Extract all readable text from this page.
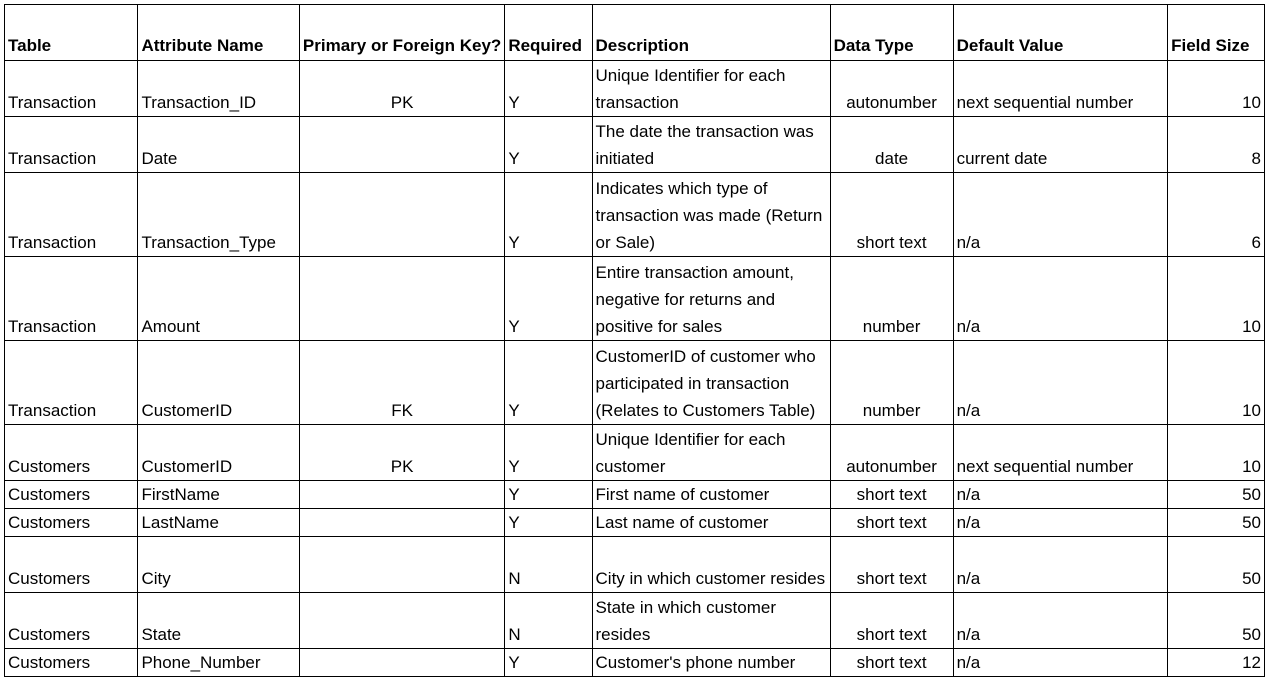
Table	Attribute Name	Primary or Foreign Key?	Required	Description	Data Type	Default Value	Field Size
Transaction	Transaction_ID	PK	Y	Unique Identifier for each transaction	autonumber	next sequential number	10
Transaction	Date		Y	The date the transaction was initiated	date	current date	8
Transaction	Transaction_Type		Y	Indicates which type of transaction was made (Return or Sale)	short text	n/a	6
Transaction	Amount		Y	Entire transaction amount, negative for returns and positive for sales	number	n/a	10
Transaction	CustomerID	FK	Y	CustomerID of customer who participated in transaction (Relates to Customers Table)	number	n/a	10
Customers	CustomerID	PK	Y	Unique Identifier for each customer	autonumber	next sequential number	10
Customers	FirstName		Y	First name of customer	short text	n/a	50
Customers	LastName		Y	Last name of customer	short text	n/a	50
Customers	City		N	City in which customer resides	short text	n/a	50
Customers	State		N	State in which customer resides	short text	n/a	50
Customers	Phone_Number		Y	Customer's phone number	short text	n/a	12
